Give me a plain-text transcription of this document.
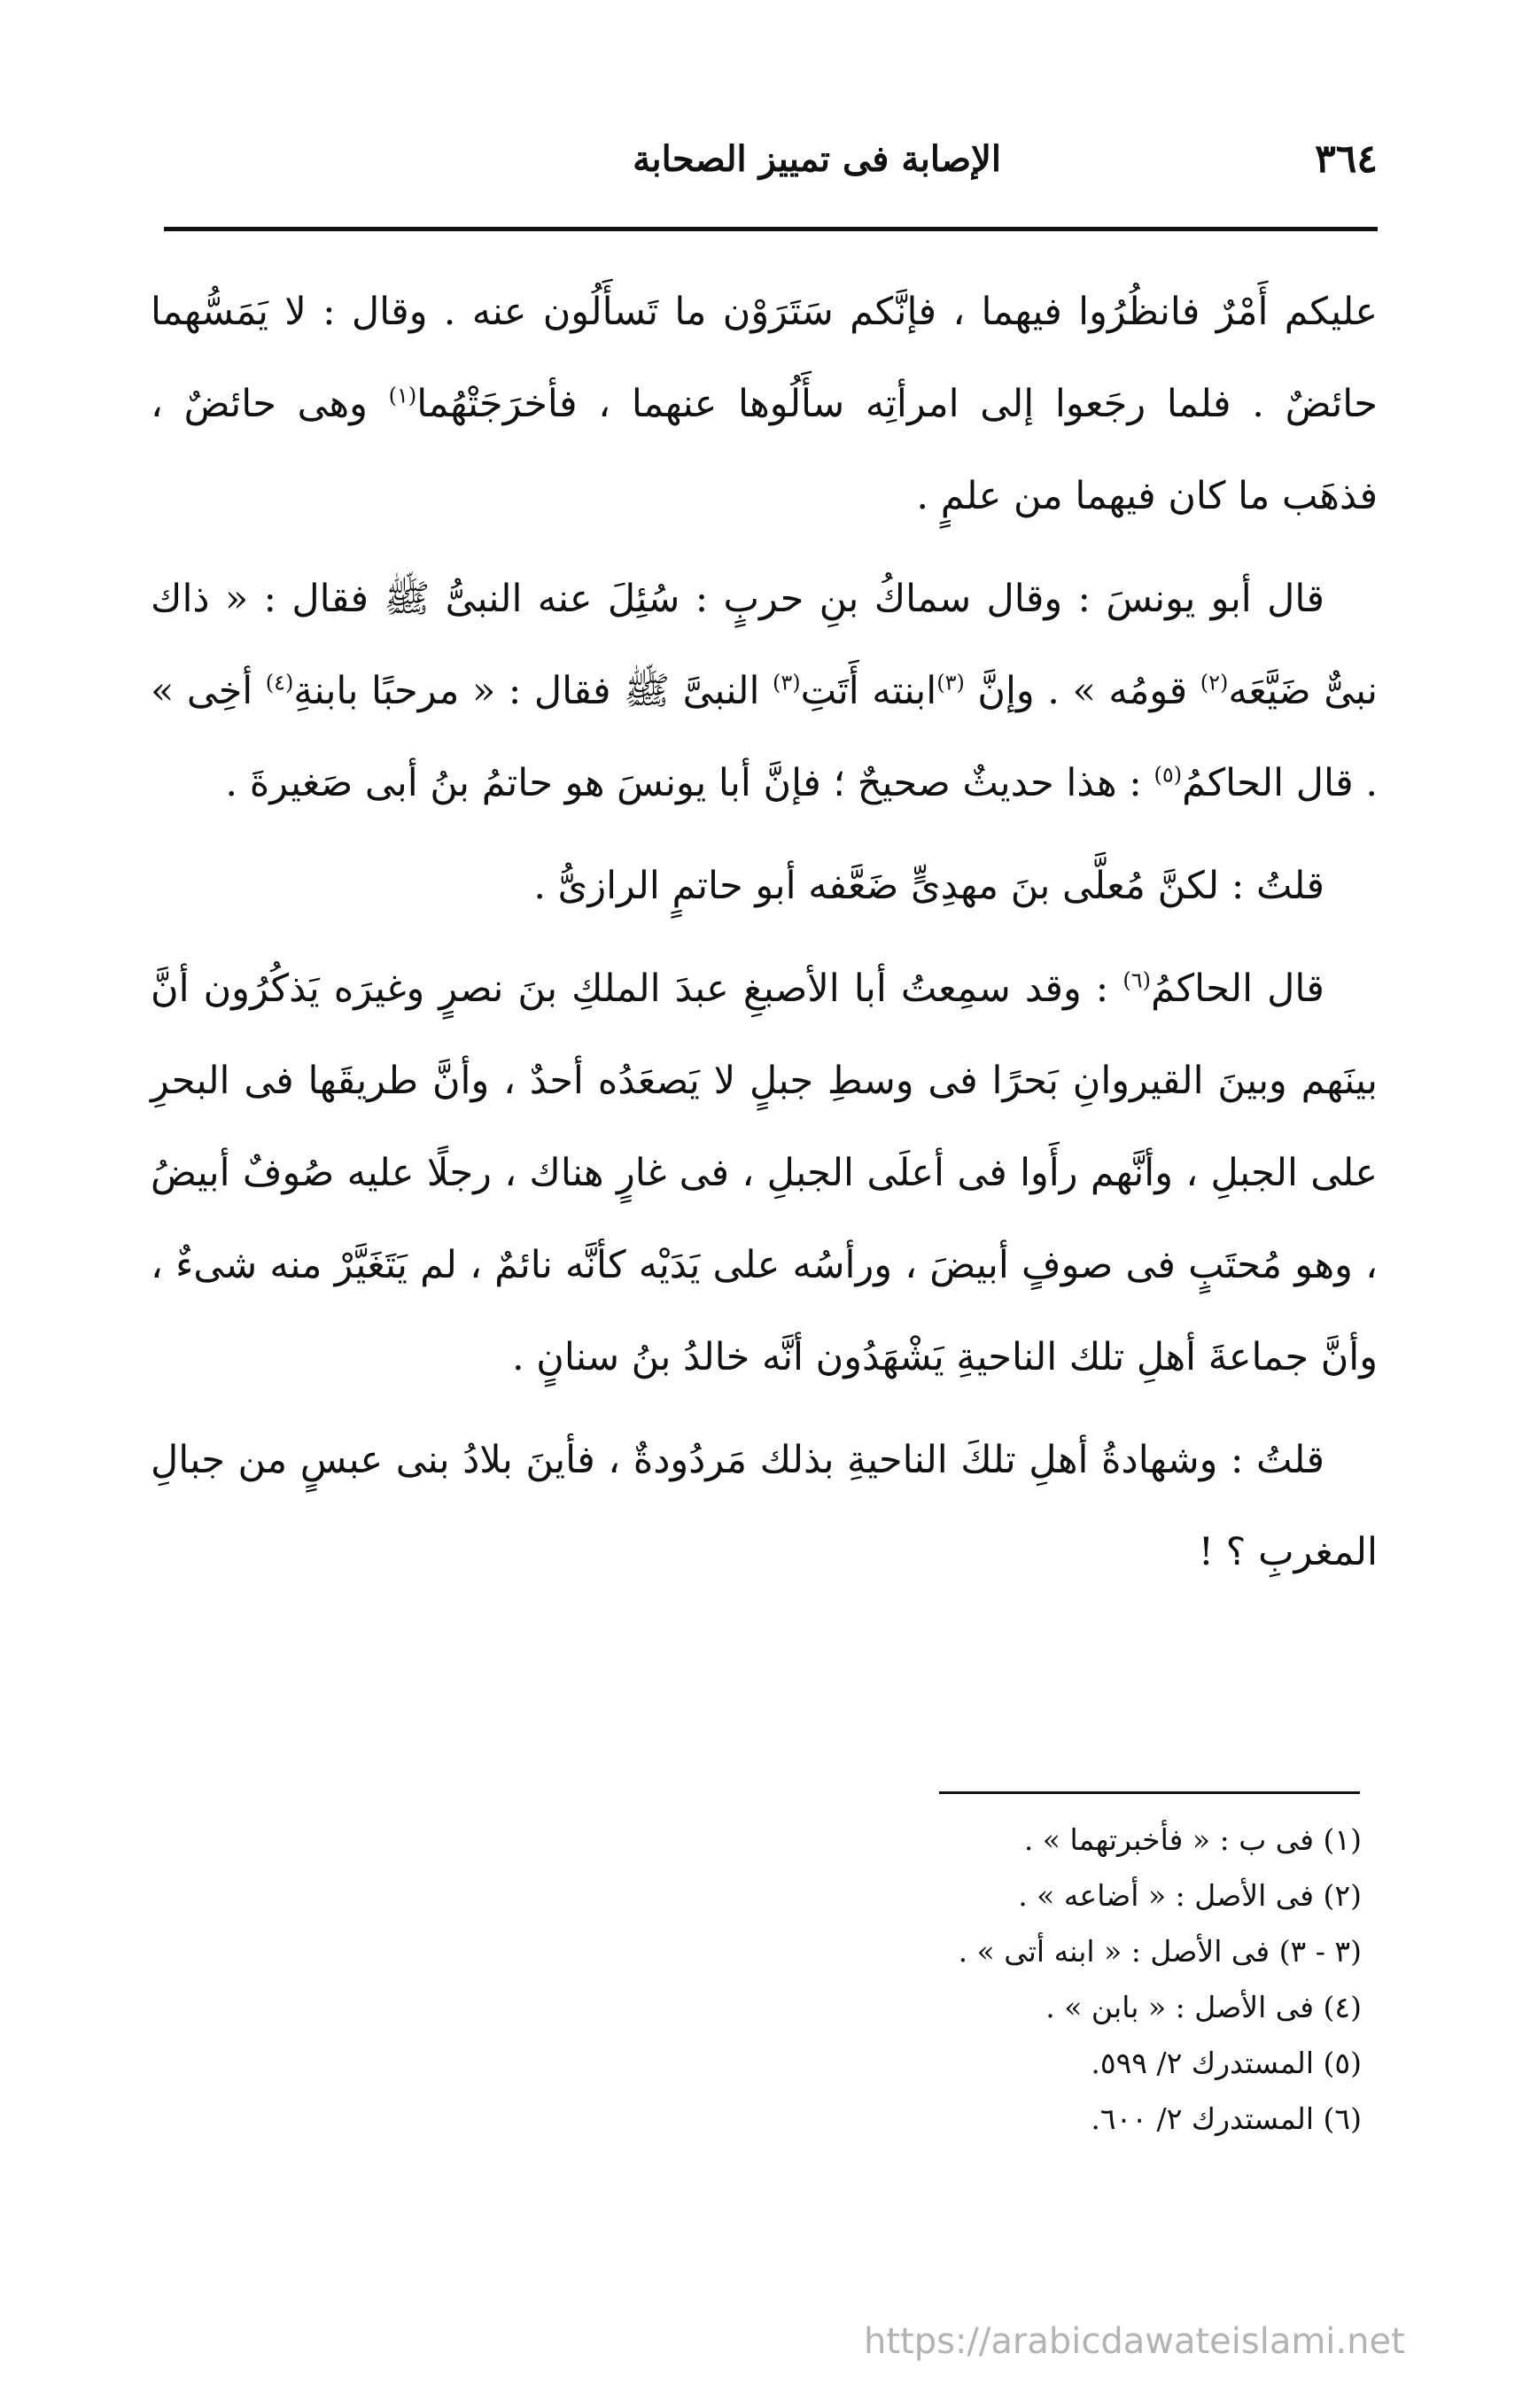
٣٦٤
الإصابة فى تمييز الصحابة

عليكم أَمْرٌ فانظُرُوا فيهما ، فإنَّكم سَتَرَوْن ما تَسأَلُون عنه . وقال : لا يَمَسُّهما حائضٌ . فلما رجَعوا إلى امرأتِه سأَلُوها عنهما ، فأخرَجَتْهُما$^{(١)}$ وهى حائضٌ ، فذهَب ما كان فيهما من علمٍ .

قال أبو يونسَ : وقال سماكُ بنِ حربٍ : سُئِلَ عنه النبىُّ ﷺ فقال : « ذاك نبىٌّ ضَيَّعَه$^{(٢)}$ قومُه » . وإنَّ $^{(٣)}$ابنته أَتَتِ$^{(٣)}$ النبىَّ ﷺ فقال : « مرحبًا بابنةِ$^{(٤)}$ أخِى » . قال الحاكمُ$^{(٥)}$ : هذا حديثٌ صحيحٌ ؛ فإنَّ أبا يونسَ هو حاتمُ بنُ أبى صَغيرةَ .

قلتُ : لكنَّ مُعلَّى بنَ مهدِىٍّ ضَعَّفه أبو حاتمٍ الرازىُّ .

قال الحاكمُ$^{(٦)}$ : وقد سمِعتُ أبا الأصبغِ عبدَ الملكِ بنَ نصرٍ وغيرَه يَذكُرُون أنَّ بينَهم وبينَ القيروانِ بَحرًا فى وسطِ جبلٍ لا يَصعَدُه أحدٌ ، وأنَّ طريقَها فى البحرِ على الجبلِ ، وأنَّهم رأَوا فى أعلَى الجبلِ ، فى غارٍ هناك ، رجلًا عليه صُوفٌ أبيضُ ، وهو مُحتَبٍ فى صوفٍ أبيضَ ، ورأسُه على يَدَيْه كأنَّه نائمٌ ، لم يَتَغَيَّرْ منه شىءٌ ، وأنَّ جماعةَ أهلِ تلك الناحيةِ يَشْهَدُون أنَّه خالدُ بنُ سنانٍ .

قلتُ : وشهادةُ أهلِ تلكَ الناحيةِ بذلك مَردُودةٌ ، فأينَ بلادُ بنى عبسٍ من جبالِ المغربِ ؟ !

(١) فى ب : « فأخبرتهما » .
(٢) فى الأصل : « أضاعه » .
(٣ - ٣) فى الأصل : « ابنه أتى » .
(٤) فى الأصل : « بابن » .
(٥) المستدرك ٢/ ٥٩٩.
(٦) المستدرك ٢/ ٦٠٠.
https://arabicdawateislami.net
